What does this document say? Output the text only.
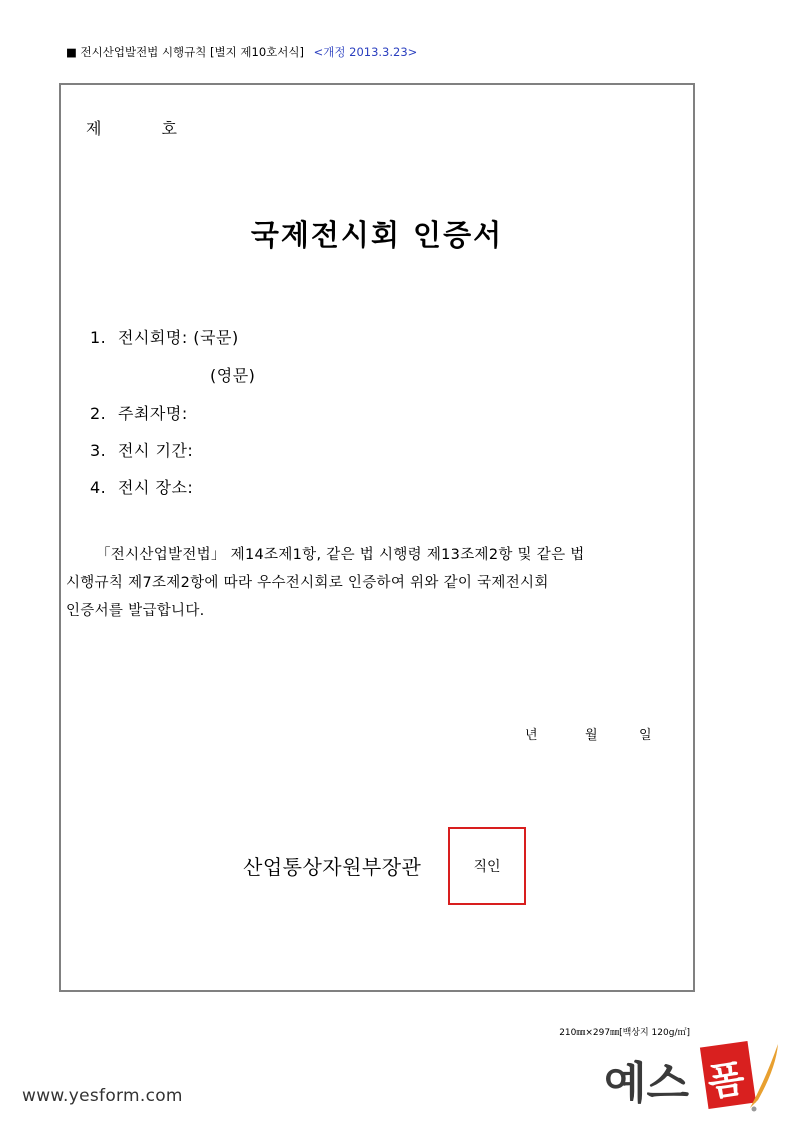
■ 전시산업발전법 시행규칙 [별지 제10호서식] <개정 2013.3.23>
제	호
국제전시회 인증서
1. 전시회명: (국문)
(영문)
2. 주최자명:
3. 전시 기간:
4. 전시 장소:
「전시산업발전법」 제14조제1항, 같은 법 시행령 제13조제2항 및 같은 법
시행규칙 제7조제2항에 따라 우수전시회로 인증하여 위와 같이 국제전시회
인증서를 발급합니다.
년	월	일
산업통상자원부장관	직인
210㎜×297㎜[백상지 120g/㎡]
www.yesform.com	예스 폼
